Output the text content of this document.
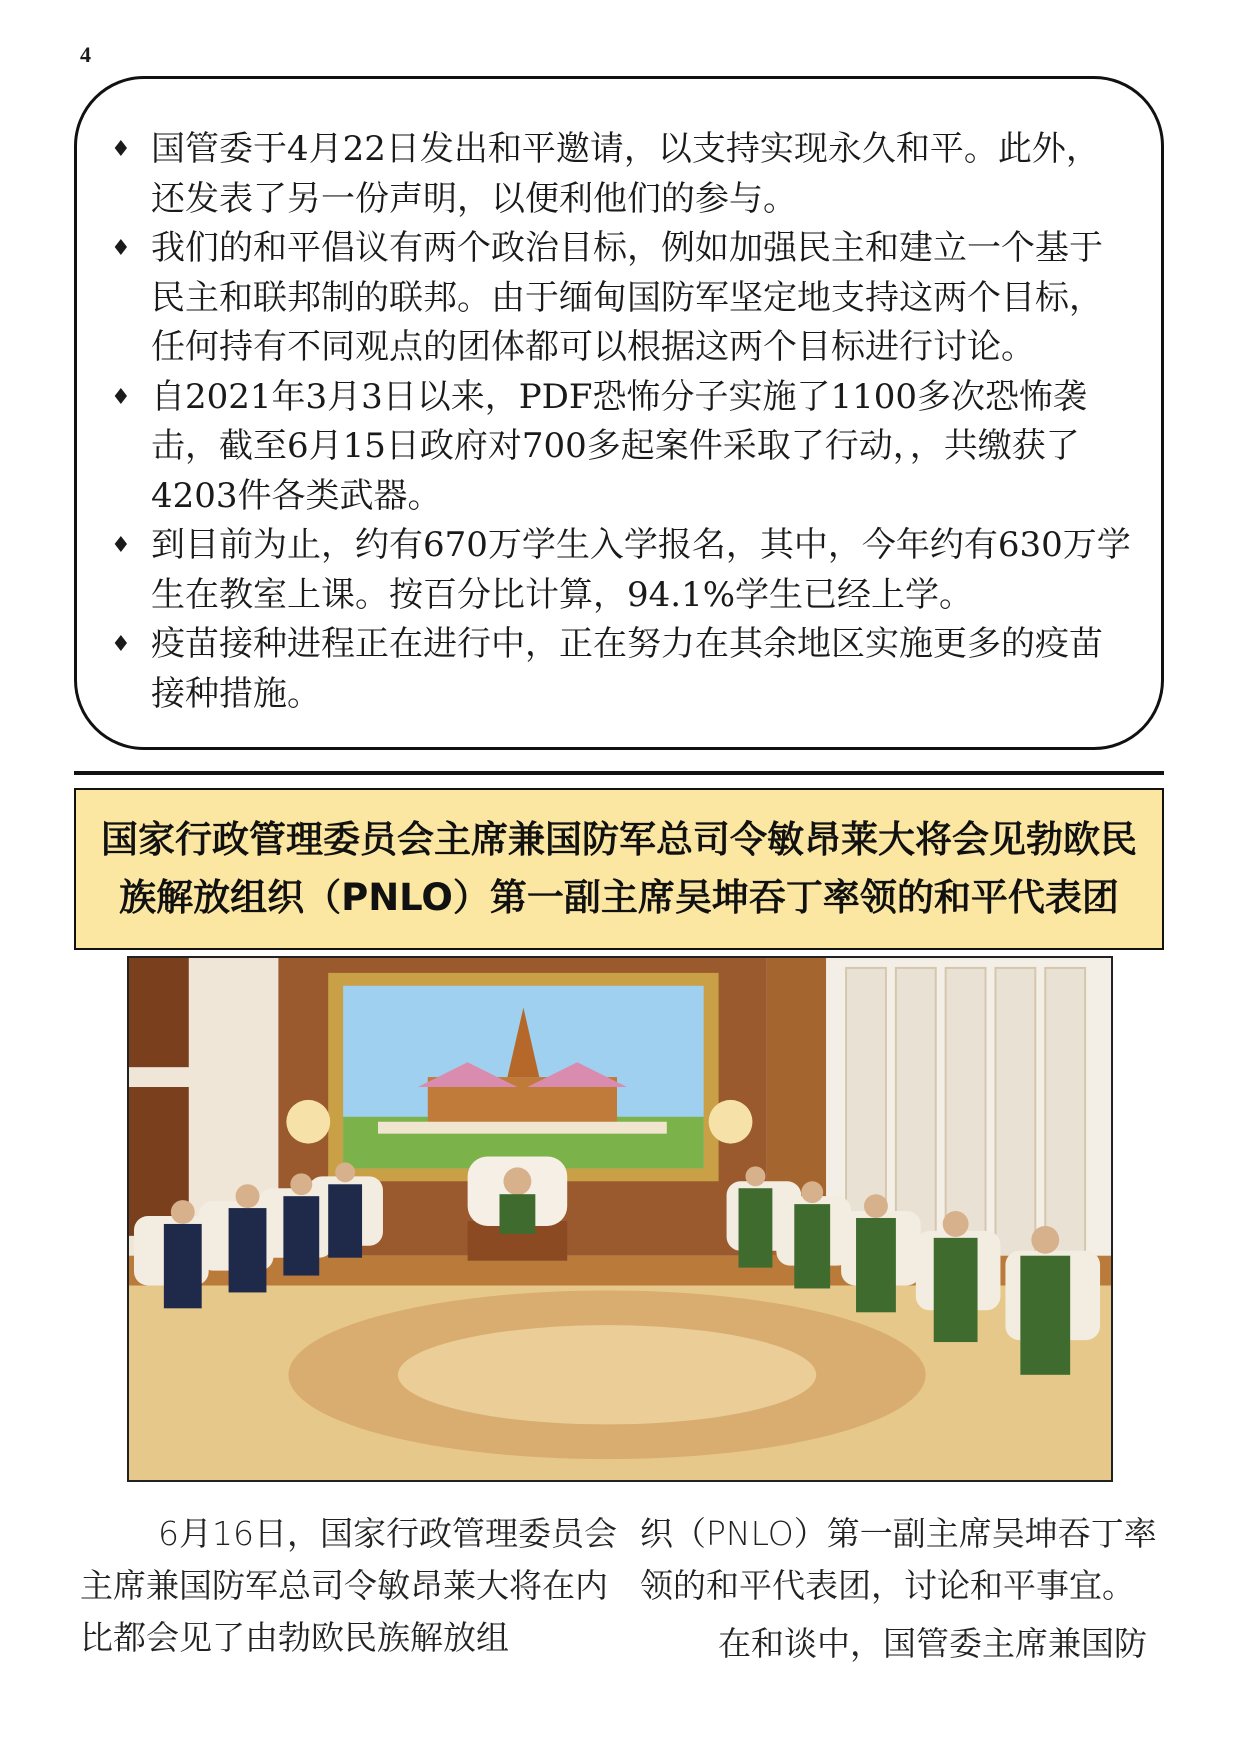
4
♦ 国管委于4月22日发出和平邀请，以支持实现永久和平。此外，还发表了另一份声明，以便利他们的参与。
♦ 我们的和平倡议有两个政治目标，例如加强民主和建立一个基于民主和联邦制的联邦。由于缅甸国防军坚定地支持这两个目标，任何持有不同观点的团体都可以根据这两个目标进行讨论。
♦ 自2021年3月3日以来，PDF恐怖分子实施了1100多次恐怖袭击，截至6月15日政府对700多起案件采取了行动，，共缴获了4203件各类武器。
♦ 到目前为止，约有670万学生入学报名，其中，今年约有630万学生在教室上课。按百分比计算，94.1%学生已经上学。
♦ 疫苗接种进程正在进行中，正在努力在其余地区实施更多的疫苗接种措施。
国家行政管理委员会主席兼国防军总司令敏昂莱大将会见勃欧民族解放组织（PNLO）第一副主席吴坤吞丁率领的和平代表团

6月16日，国家行政管理委员会主席兼国防军总司令敏昂莱大将在内比都会见了由勃欧民族解放组

织（PNLO）第一副主席吴坤吞丁率领的和平代表团，讨论和平事宜。
在和谈中，国管委主席兼国防
